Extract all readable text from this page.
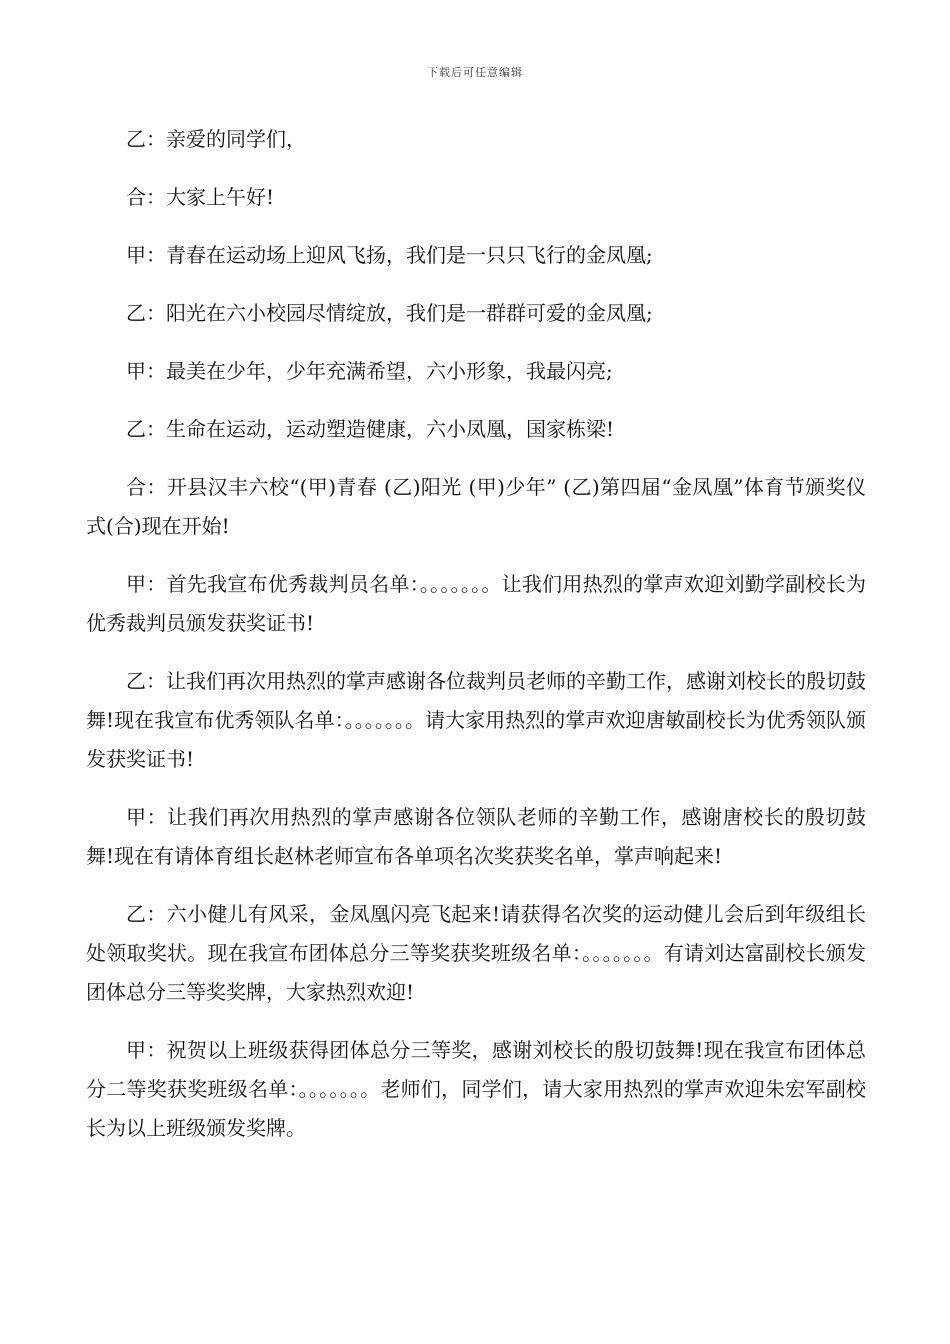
下载后可任意编辑

乙：亲爱的同学们，

合：大家上午好!

甲：青春在运动场上迎风飞扬，我们是一只只飞行的金凤凰;

乙：阳光在六小校园尽情绽放，我们是一群群可爱的金凤凰;

甲：最美在少年，少年充满希望，六小形象，我最闪亮;

乙：生命在运动，运动塑造健康，六小凤凰，国家栋梁!

合：开县汉丰六校“(甲)青春 (乙)阳光 (甲)少年” (乙)第四届“金凤凰”体育节颁奖仪式(合)现在开始!

甲：首先我宣布优秀裁判员名单：。。。。。。。让我们用热烈的掌声欢迎刘勤学副校长为优秀裁判员颁发获奖证书!

乙：让我们再次用热烈的掌声感谢各位裁判员老师的辛勤工作，感谢刘校长的殷切鼓舞!现在我宣布优秀领队名单：。。。。。。。请大家用热烈的掌声欢迎唐敏副校长为优秀领队颁发获奖证书!

甲：让我们再次用热烈的掌声感谢各位领队老师的辛勤工作，感谢唐校长的殷切鼓舞!现在有请体育组长赵林老师宣布各单项名次奖获奖名单，掌声响起来!

乙：六小健儿有风采，金凤凰闪亮飞起来!请获得名次奖的运动健儿会后到年级组长处领取奖状。现在我宣布团体总分三等奖获奖班级名单：。。。。。。。有请刘达富副校长颁发团体总分三等奖奖牌，大家热烈欢迎!

甲：祝贺以上班级获得团体总分三等奖，感谢刘校长的殷切鼓舞!现在我宣布团体总分二等奖获奖班级名单：。。。。。。。老师们，同学们，请大家用热烈的掌声欢迎朱宏军副校长为以上班级颁发奖牌。
